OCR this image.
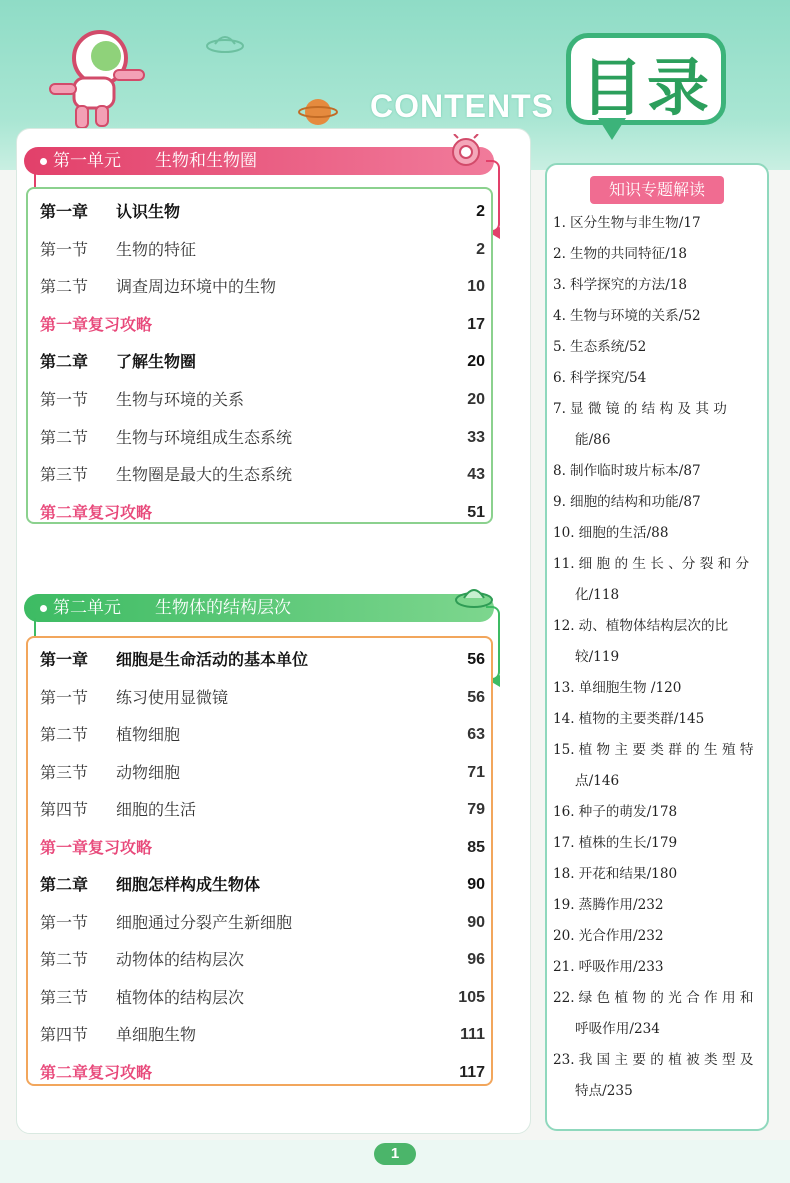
目录
CONTENTS
第一单元 生物和生物圈
第一章 认识生物	2
第一节 生物的特征	2
第二节 调查周边环境中的生物	10
第一章复习攻略	17
第二章 了解生物圈	20
第一节 生物与环境的关系	20
第二节 生物与环境组成生态系统	33
第三节 生物圈是最大的生态系统	43
第二章复习攻略	51
第二单元 生物体的结构层次
第一章 细胞是生命活动的基本单位	56
第一节 练习使用显微镜	56
第二节 植物细胞	63
第三节 动物细胞	71
第四节 细胞的生活	79
第一章复习攻略	85
第二章 细胞怎样构成生物体	90
第一节 细胞通过分裂产生新细胞	90
第二节 动物体的结构层次	96
第三节 植物体的结构层次	105
第四节 单细胞生物	111
第二章复习攻略	117
知识专题解读
1. 区分生物与非生物/17
2. 生物的共同特征/18
3. 科学探究的方法/18
4. 生物与环境的关系/52
5. 生态系统/52
6. 科学探究/54
7. 显 微 镜 的 结 构 及 其 功
能/86
8. 制作临时玻片标本/87
9. 细胞的结构和功能/87
10. 细胞的生活/88
11. 细 胞 的 生 长 、分 裂 和 分
化/118
12. 动、植物体结构层次的比
较/119
13. 单细胞生物 /120
14. 植物的主要类群/145
15. 植 物 主 要 类 群 的 生 殖 特
点/146
16. 种子的萌发/178
17. 植株的生长/179
18. 开花和结果/180
19. 蒸腾作用/232
20. 光合作用/232
21. 呼吸作用/233
22. 绿 色 植 物 的 光 合 作 用 和
呼吸作用/234
23. 我 国 主 要 的 植 被 类 型 及
特点/235
1
